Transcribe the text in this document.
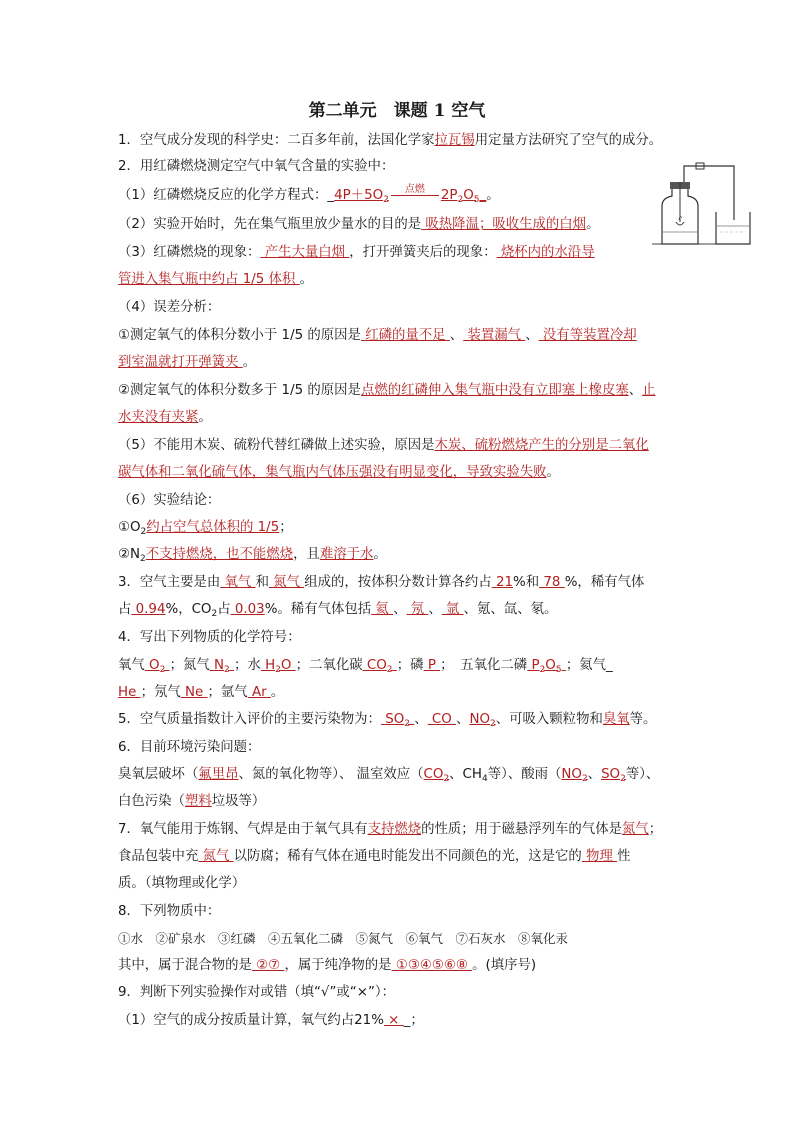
第二单元　课题 1 空气
1．空气成分发现的科学史：二百多年前，法国化学家拉瓦锡用定量方法研究了空气的成分。
2．用红磷燃烧测定空气中氧气含量的实验中：
（1）红磷燃烧反应的化学方程式：$\_4P+5O_2$
点燃	$2P_2O_5\_$。
（2）实验开始时，先在集气瓶里放少量水的目的是 吸热降温；吸收生成的白烟。
（3）红磷燃烧的现象： 产生大量白烟 ，打开弹簧夹后的现象： 烧杯内的水沿导
管进入集气瓶中约占 1/5 体积 。
（4）误差分析：
①测定氧气的体积分数小于 1/5 的原因是 红磷的量不足 、 装置漏气 、 没有等装置冷却
到室温就打开弹簧夹 。
②测定氧气的体积分数多于 1/5 的原因是点燃的红磷伸入集气瓶中没有立即塞上橡皮塞、止
水夹没有夹紧。
（5）不能用木炭、硫粉代替红磷做上述实验，原因是木炭、硫粉燃烧产生的分别是二氧化
碳气体和二氧化硫气体，集气瓶内气体压强没有明显变化，导致实验失败。
（6）实验结论：
$①O_2$约占空气总体积的 1/5；
$②N_2$不支持燃烧，也不能燃烧，且难溶于水。
3．空气主要是由 氧气 和 氮气 组成的，按体积分数计算各约占 21%和 78 %，稀有气体
占 0.94%，$CO_2$占 0.03%。稀有气体包括 氦 、 氖 、 氩 、氪、氙、氡。
4．写出下列物质的化学符号：
氧气 $O_2$ ；氮气 $N_2$ ；水 $H_2O$ ；二氧化碳 $CO_2$ ；磷 P ；　五氧化二磷 $P_2O_5$ ；氦气_
He ；氖气 Ne ；氩气 Ar 。
5．空气质量指数计入评价的主要污染物为： $SO_2$ 、 CO 、$NO_2$、可吸入颗粒物和臭氧等。
6．目前环境污染问题：
臭氧层破坏（氟里昂、氮的氧化物等）、 温室效应（$CO_2$、$CH_4$等）、酸雨（$NO_2$、$SO_2$等）、
白色污染（塑料垃圾等）
7．氧气能用于炼钢、气焊是由于氧气具有支持燃烧的性质；用于磁悬浮列车的气体是氮气；
食品包装中充 氮气 以防腐；稀有气体在通电时能发出不同颜色的光，这是它的 物理 性
质。（填物理或化学）
8．下列物质中：
①水　②矿泉水　③红磷　④五氧化二磷　⑤氮气　⑥氧气　⑦石灰水　⑧氧化汞
其中，属于混合物的是 ②⑦ ，属于纯净物的是 ①③④⑤⑥⑧ 。(填序号)
9．判断下列实验操作对或错（填“√”或“×”）：
（1）空气的成分按质量计算，氧气约占21% × _；
